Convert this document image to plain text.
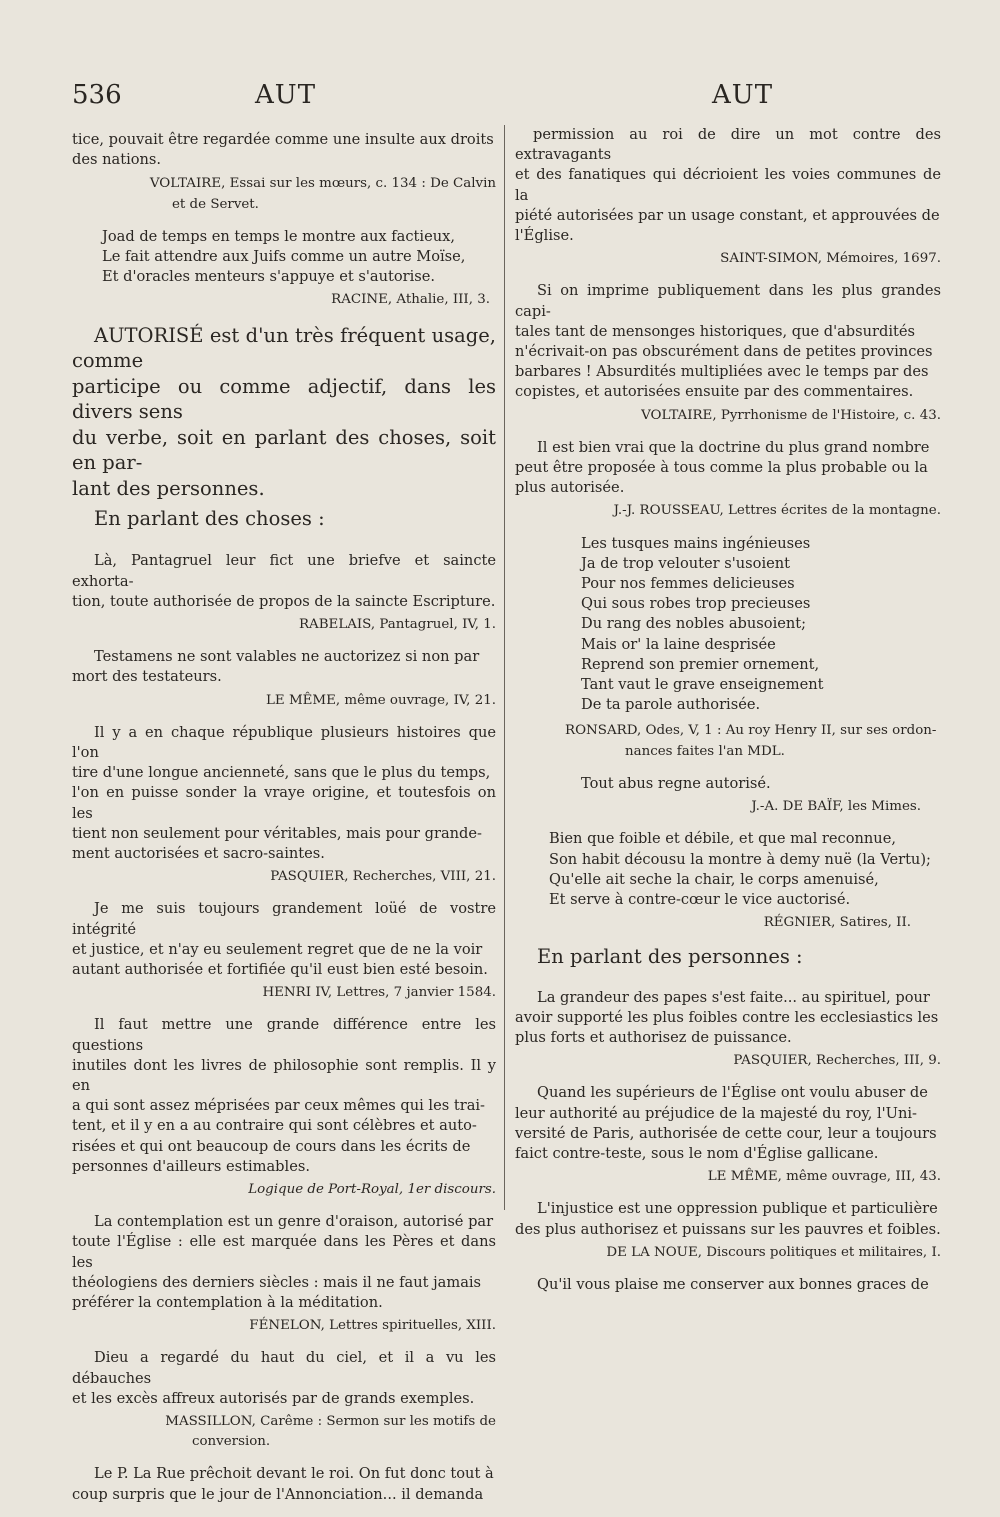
536	AUT	AUT
tice, pouvait être regardée comme une insulte aux droits
des nations.
VOLTAIRE, Essai sur les mœurs, c. 134 : De Calvin
et de Servet.
Joad de temps en temps le montre aux factieux,
Le fait attendre aux Juifs comme un autre Moïse,
Et d'oracles menteurs s'appuye et s'autorise.
RACINE, Athalie, III, 3.
AUTORISÉ est d'un très fréquent usage, comme
participe ou comme adjectif, dans les divers sens
du verbe, soit en parlant des choses, soit en par-
lant des personnes.
En parlant des choses :
Là, Pantagruel leur fict une briefve et saincte exhorta-
tion, toute authorisée de propos de la saincte Escripture.
RABELAIS, Pantagruel, IV, 1.
Testamens ne sont valables ne auctorizez si non par
mort des testateurs.
LE MÊME, même ouvrage, IV, 21.
Il y a en chaque république plusieurs histoires que l'on
tire d'une longue ancienneté, sans que le plus du temps,
l'on en puisse sonder la vraye origine, et toutesfois on les
tient non seulement pour véritables, mais pour grande-
ment auctorisées et sacro-saintes.
PASQUIER, Recherches, VIII, 21.
Je me suis toujours grandement loüé de vostre intégrité
et justice, et n'ay eu seulement regret que de ne la voir
autant authorisée et fortifiée qu'il eust bien esté besoin.
HENRI IV, Lettres, 7 janvier 1584.
Il faut mettre une grande différence entre les questions
inutiles dont les livres de philosophie sont remplis. Il y en
a qui sont assez méprisées par ceux mêmes qui les trai-
tent, et il y en a au contraire qui sont célèbres et auto-
risées et qui ont beaucoup de cours dans les écrits de
personnes d'ailleurs estimables.
Logique de Port-Royal, 1er discours.
La contemplation est un genre d'oraison, autorisé par
toute l'Église : elle est marquée dans les Pères et dans les
théologiens des derniers siècles : mais il ne faut jamais
préférer la contemplation à la méditation.
FÉNELON, Lettres spirituelles, XIII.
Dieu a regardé du haut du ciel, et il a vu les débauches
et les excès affreux autorisés par de grands exemples.
MASSILLON, Carême : Sermon sur les motifs de
conversion.
Le P. La Rue prêchoit devant le roi. On fut donc tout à
coup surpris que le jour de l'Annonciation... il demanda
permission au roi de dire un mot contre des extravagants
et des fanatiques qui décrioient les voies communes de la
piété autorisées par un usage constant, et approuvées de
l'Église.
SAINT-SIMON, Mémoires, 1697.
Si on imprime publiquement dans les plus grandes capi-
tales tant de mensonges historiques, que d'absurdités
n'écrivait-on pas obscurément dans de petites provinces
barbares ! Absurdités multipliées avec le temps par des
copistes, et autorisées ensuite par des commentaires.
VOLTAIRE, Pyrrhonisme de l'Histoire, c. 43.
Il est bien vrai que la doctrine du plus grand nombre
peut être proposée à tous comme la plus probable ou la
plus autorisée.
J.-J. ROUSSEAU, Lettres écrites de la montagne.
Les tusques mains ingénieuses
Ja de trop velouter s'usoient
Pour nos femmes delicieuses
Qui sous robes trop precieuses
Du rang des nobles abusoient;
Mais or' la laine desprisée
Reprend son premier ornement,
Tant vaut le grave enseignement
De ta parole authorisée.
RONSARD, Odes, V, 1 : Au roy Henry II, sur ses ordon-
nances faites l'an MDL.
Tout abus regne autorisé.
J.-A. DE BAÏF, les Mimes.
Bien que foible et débile, et que mal reconnue,
Son habit décousu la montre à demy nuë (la Vertu);
Qu'elle ait seche la chair, le corps amenuisé,
Et serve à contre-cœur le vice auctorisé.
RÉGNIER, Satires, II.
En parlant des personnes :
La grandeur des papes s'est faite... au spirituel, pour
avoir supporté les plus foibles contre les ecclesiastics les
plus forts et authorisez de puissance.
PASQUIER, Recherches, III, 9.
Quand les supérieurs de l'Église ont voulu abuser de
leur authorité au préjudice de la majesté du roy, l'Uni-
versité de Paris, authorisée de cette cour, leur a toujours
faict contre-teste, sous le nom d'Église gallicane.
LE MÊME, même ouvrage, III, 43.
L'injustice est une oppression publique et particulière
des plus authorisez et puissans sur les pauvres et foibles.
DE LA NOUE, Discours politiques et militaires, I.
Qu'il vous plaise me conserver aux bonnes graces de
